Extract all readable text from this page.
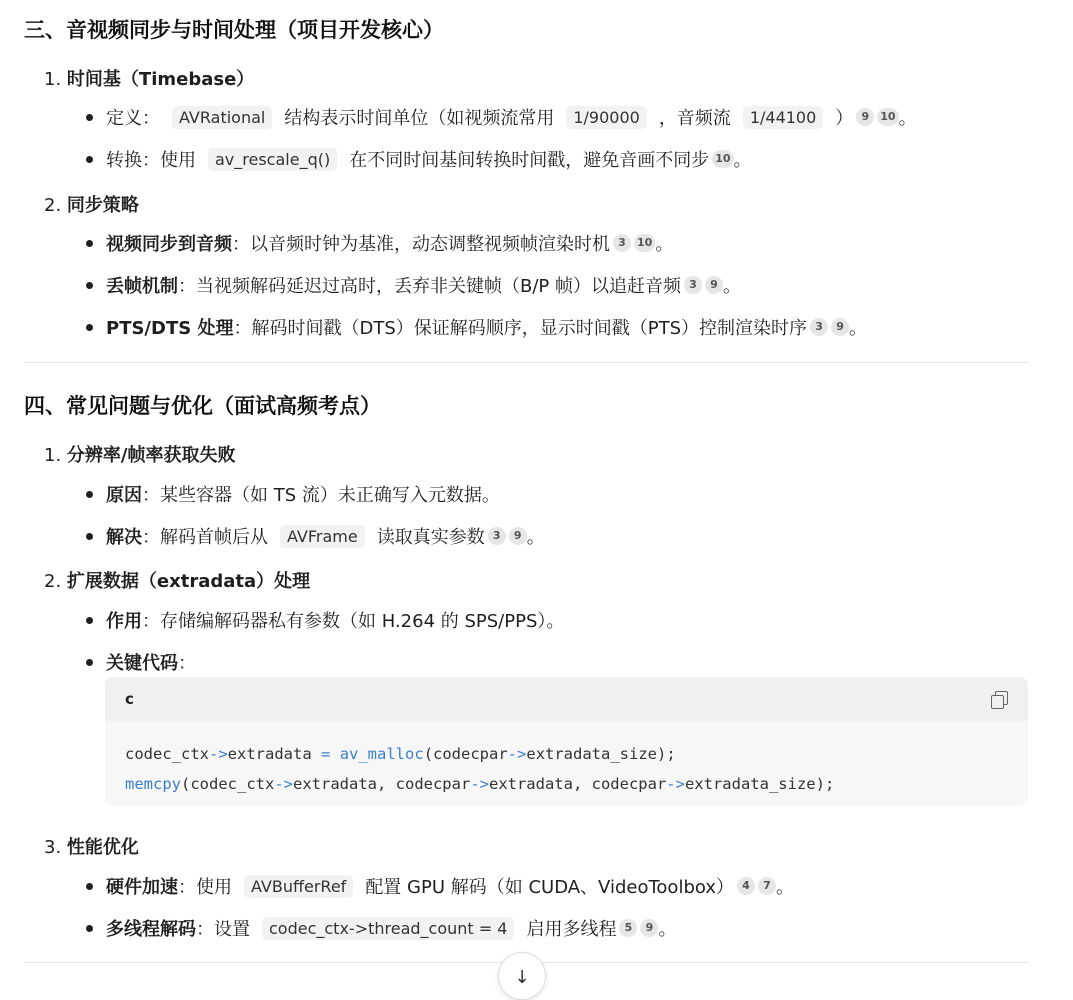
三、音视频同步与时间处理（项目开发核心）
1. 时间基（Timebase）
定义：	AVRational	结构表示时间单位（如视频流常用	1/90000	，音频流	1/44100	） 9	10 。
转换：使用	av_rescale_q()	在不同时间基间转换时间戳，避免音画不同步 10 。
2. 同步策略
视频同步到音频 ：以音频时钟为基准，动态调整视频帧渲染时机 3	10 。
丢帧机制 ：当视频解码延迟过高时，丢弃非关键帧（B/P 帧）以追赶音频 3	9 。
PTS/DTS 处理 ：解码时间戳（DTS）保证解码顺序，显示时间戳（PTS）控制渲染时序 3	9 。
四、常见问题与优化（面试高频考点）
1. 分辨率/帧率获取失败
原因 ：某些容器（如 TS 流）未正确写入元数据。
解决 ：解码首帧后从	AVFrame	读取真实参数 3	9 。
2. 扩展数据（extradata）处理
作用 ：存储编解码器私有参数（如 H.264 的 SPS/PPS）。
关键代码 ：
c
codec_ctx->extradata = av_malloc(codecpar->extradata_size);
memcpy(codec_ctx->extradata, codecpar->extradata, codecpar->extradata_size);
3. 性能优化
硬件加速 ：使用	AVBufferRef	配置 GPU 解码（如 CUDA、VideoToolbox） 4	7 。
多线程解码 ：设置	codec_ctx->thread_count = 4	启用多线程 5	9 。
↓
